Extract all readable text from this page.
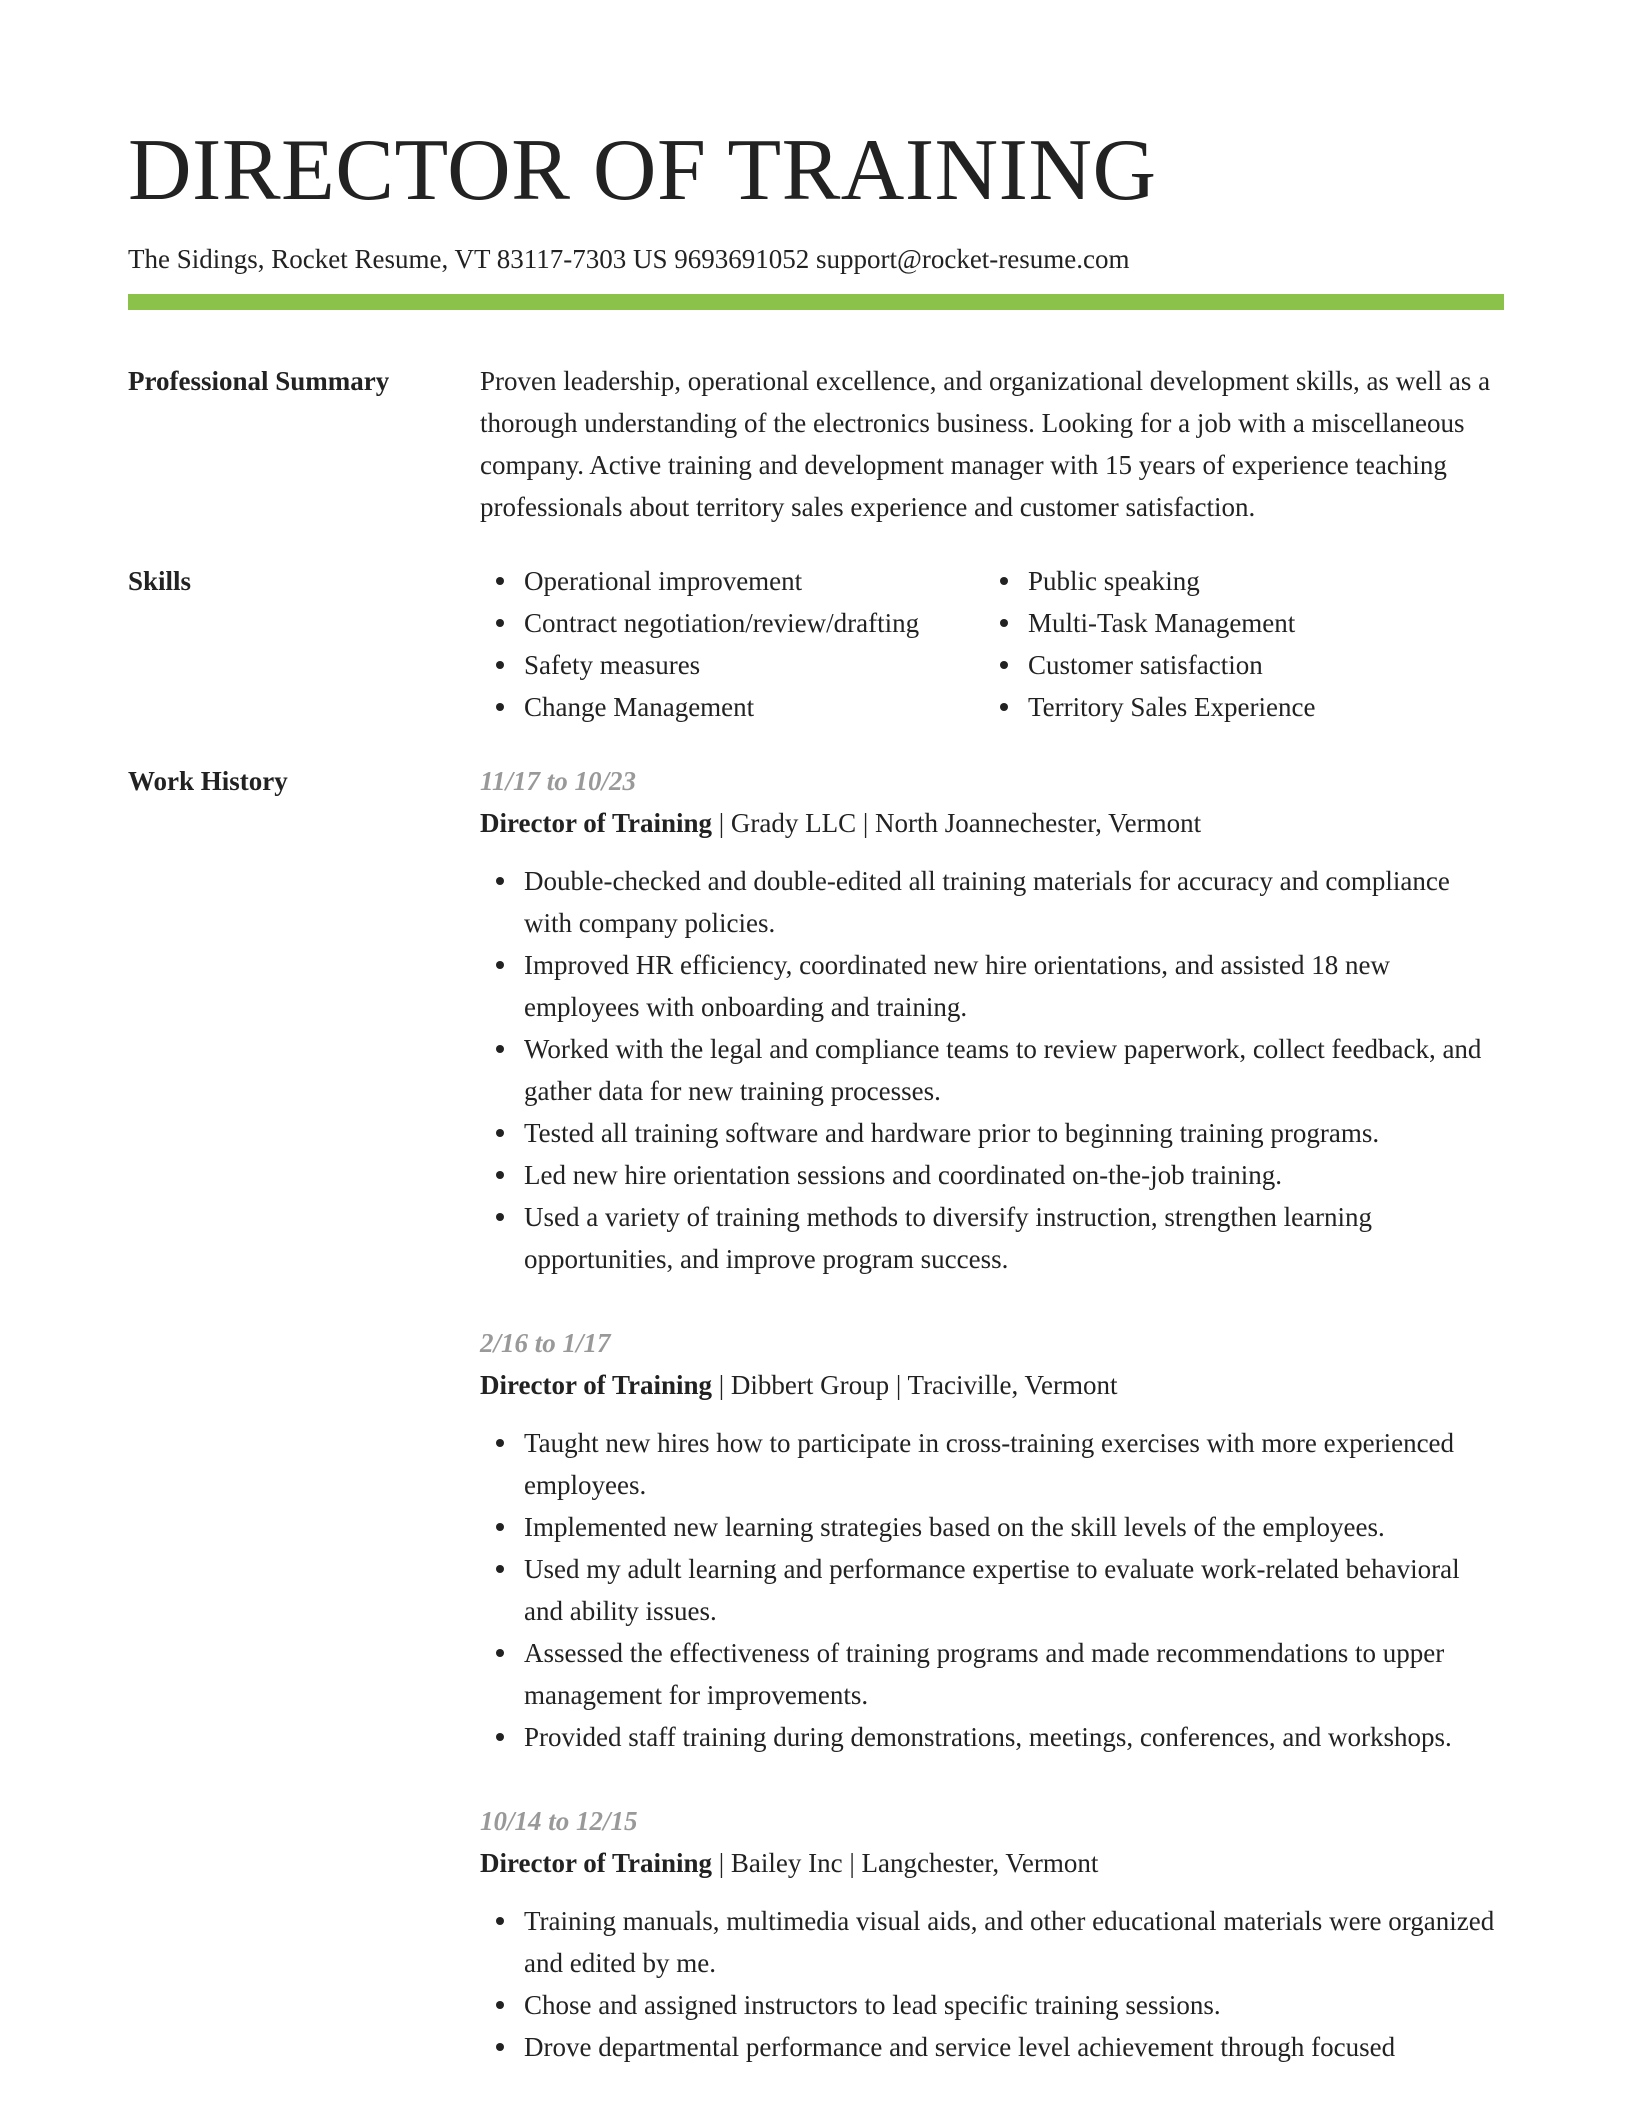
DIRECTOR OF TRAINING
The Sidings, Rocket Resume, VT 83117-7303 US 9693691052 support@rocket-resume.com
Professional Summary	Proven leadership, operational excellence, and organizational development skills, as well as a thorough understanding of the electronics business. Looking for a job with a miscellaneous company. Active training and development manager with 15 years of experience teaching professionals about territory sales experience and customer satisfaction.
Skills	Operational improvement
Contract negotiation/review/drafting
Safety measures
Change Management
Public speaking
Multi-Task Management
Customer satisfaction
Territory Sales Experience
Work History	11/17 to 10/23
Director of Training | Grady LLC | North Joannechester, Vermont
Double-checked and double-edited all training materials for accuracy and compliance with company policies.
Improved HR efficiency, coordinated new hire orientations, and assisted 18 new employees with onboarding and training.
Worked with the legal and compliance teams to review paperwork, collect feedback, and gather data for new training processes.
Tested all training software and hardware prior to beginning training programs.
Led new hire orientation sessions and coordinated on-the-job training.
Used a variety of training methods to diversify instruction, strengthen learning opportunities, and improve program success.
2/16 to 1/17
Director of Training | Dibbert Group | Traciville, Vermont
Taught new hires how to participate in cross-training exercises with more experienced employees.
Implemented new learning strategies based on the skill levels of the employees.
Used my adult learning and performance expertise to evaluate work-related behavioral and ability issues.
Assessed the effectiveness of training programs and made recommendations to upper management for improvements.
Provided staff training during demonstrations, meetings, conferences, and workshops.
10/14 to 12/15
Director of Training | Bailey Inc | Langchester, Vermont
Training manuals, multimedia visual aids, and other educational materials were organized and edited by me.
Chose and assigned instructors to lead specific training sessions.
Drove departmental performance and service level achievement through focused
